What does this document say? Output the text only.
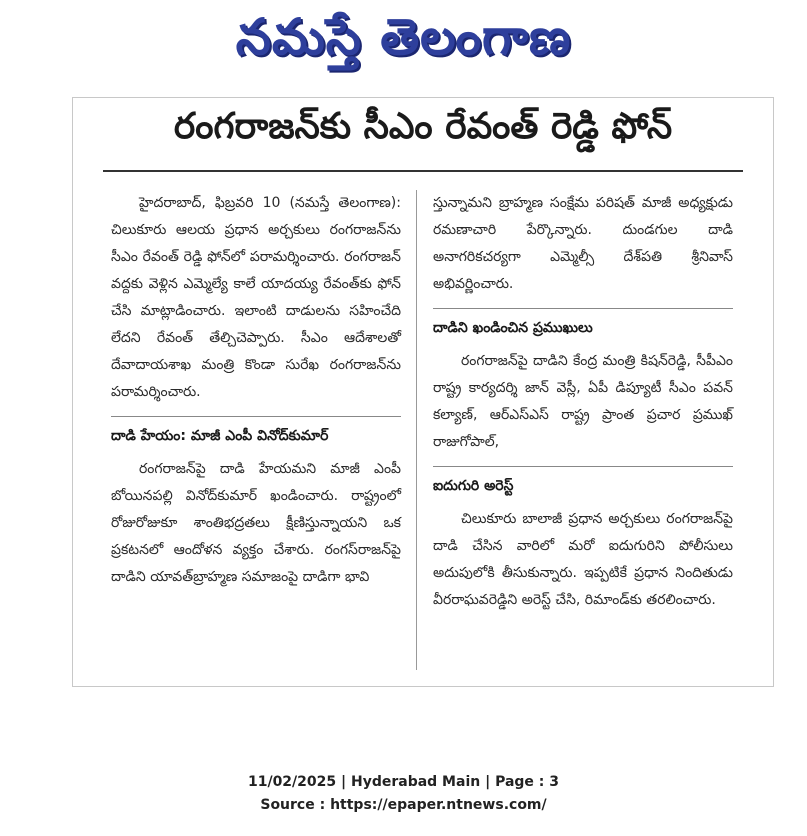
నమస్తే తెలంగాణ
రంగరాజన్‌కు సీఎం రేవంత్ రెడ్డి ఫోన్

హైదరాబాద్, ఫిబ్రవరి 10 (నమస్తే తెలంగాణ): చిలుకూరు ఆలయ ప్రధాన అర్చకులు రంగరాజన్‌ను సీఎం రేవంత్ రెడ్డి ఫోన్‌లో పరామర్శించారు. రంగరాజన్ వద్దకు వెళ్లిన ఎమ్మెల్యే కాలే యాదయ్య రేవంత్‌కు ఫోన్ చేసి మాట్లాడించారు. ఇలాంటి దాడులను సహించేది లేదని రేవంత్ తేల్చిచెప్పారు. సీఎం ఆదేశాలతో దేవాదాయశాఖ మంత్రి కొండా సురేఖ రంగరాజన్‌ను పరామర్శించారు.

దాడి హేయం: మాజీ ఎంపీ వినోద్‌కుమార్

రంగరాజన్‌పై దాడి హేయమని మాజీ ఎంపీ బోయినపల్లి వినోద్‌కుమార్ ఖండించారు. రాష్ట్రంలో రోజురోజుకూ శాంతిభద్రతలు క్షీణిస్తున్నాయని ఒక ప్రకటనలో ఆందోళన వ్యక్తం చేశారు. రంగస్‌రాజన్‌పై దాడిని యావత్‌బ్రాహ్మణ సమాజంపై దాడిగా భావి

స్తున్నామని బ్రాహ్మణ సంక్షేమ పరిషత్ మాజీ అధ్యక్షుడు రమణాచారి పేర్కొన్నారు. దుండగుల దాడి అనాగరికచర్యగా ఎమ్మెల్సీ దేశ్‌పతి శ్రీనివాస్ అభివర్ణించారు.

దాడిని ఖండించిన ప్రముఖులు

రంగరాజన్‌పై దాడిని కేంద్ర మంత్రి కిషన్‌రెడ్డి, సీపీఎం రాష్ట్ర కార్యదర్శి జాన్ వెస్లీ, ఏపీ డిప్యూటీ సీఎం పవన్ కల్యాణ్, ఆర్‌ఎస్‌ఎస్ రాష్ట్ర ప్రాంత ప్రచార ప్రముఖ్ రాజుగోపాల్,

ఐదుగురి అరెస్ట్

చిలుకూరు బాలాజీ ప్రధాన అర్చకులు రంగరాజన్‌పై దాడి చేసిన వారిలో మరో ఐదుగురిని పోలీసులు అదుపులోకి తీసుకున్నారు. ఇప్పటికే ప్రధాన నిందితుడు వీరరాఘవరెడ్డిని అరెస్ట్ చేసి, రిమాండ్‌కు తరలించారు.

11/02/2025 | Hyderabad Main | Page : 3
Source : https://epaper.ntnews.com/
